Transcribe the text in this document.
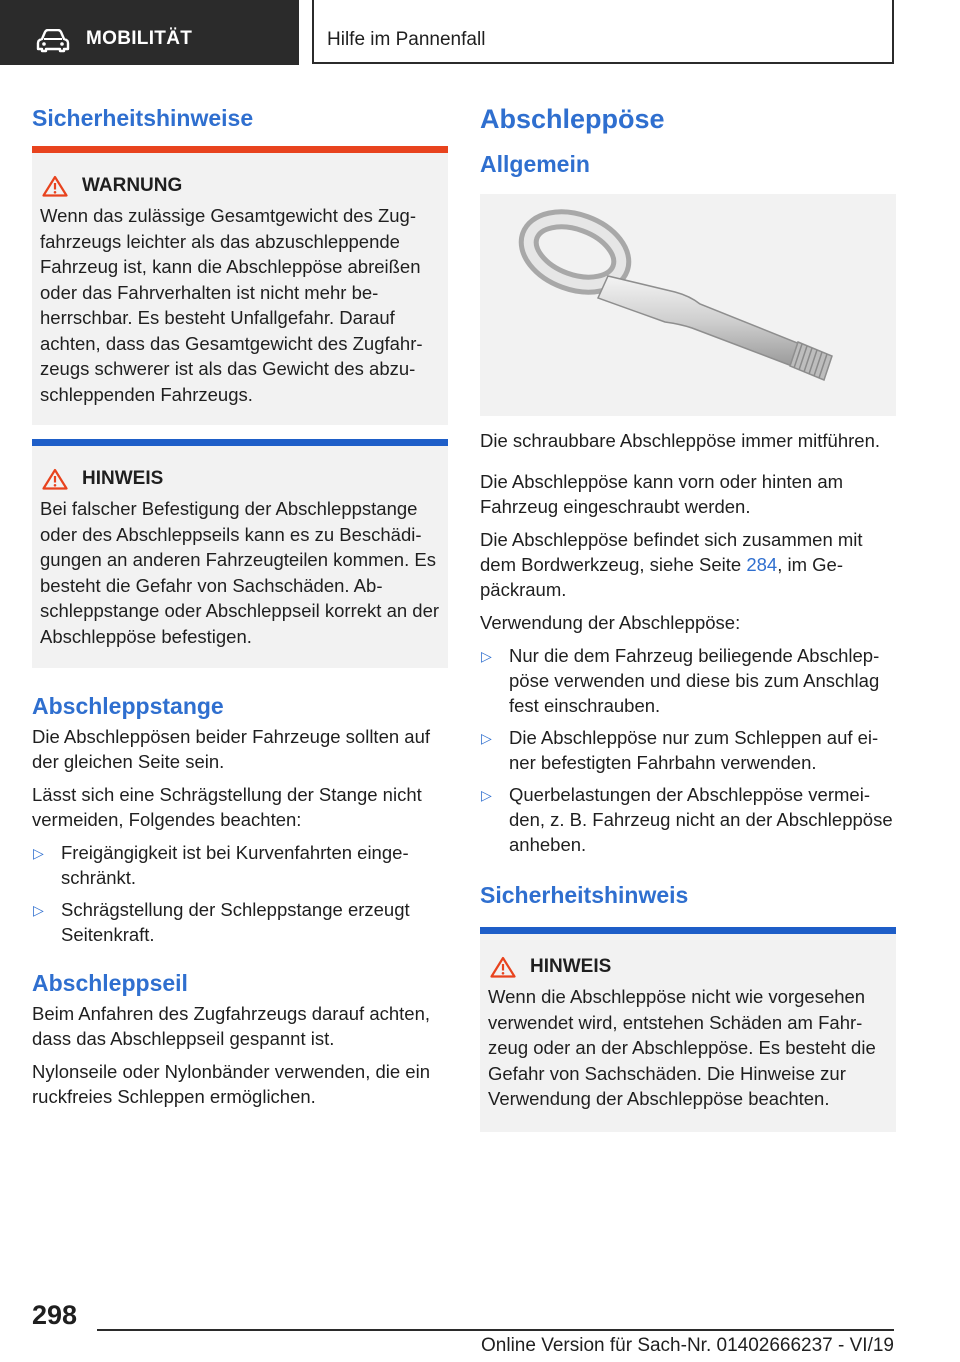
MOBILITÄT	Hilfe im Pannenfall
Sicherheitshinweise
WARNUNG

Wenn das zulässige Gesamtgewicht des Zugfahrzeugs leichter als das abzuschleppende Fahrzeug ist, kann die Abschleppöse abreißen oder das Fahrverhalten ist nicht mehr beherrschbar. Es besteht Unfallgefahr. Darauf achten, dass das Gesamtgewicht des Zugfahrzeugs schwerer ist als das Gewicht des abzuschleppenden Fahrzeugs.

HINWEIS

Bei falscher Befestigung der Abschleppstange oder des Abschleppseils kann es zu Beschädigungen an anderen Fahrzeugteilen kommen. Es besteht die Gefahr von Sachschäden. Abschleppstange oder Abschleppseil korrekt an der Abschleppöse befestigen.

Abschleppstange

Die Abschleppösen beider Fahrzeuge sollten auf der gleichen Seite sein.

Lässt sich eine Schrägstellung der Stange nicht vermeiden, Folgendes beachten:

▷ Freigängigkeit ist bei Kurvenfahrten eingeschränkt.
▷ Schrägstellung der Schleppstange erzeugt Seitenkraft.
Abschleppseil

Beim Anfahren des Zugfahrzeugs darauf achten, dass das Abschleppseil gespannt ist.

Nylonseile oder Nylonbänder verwenden, die ein ruckfreies Schleppen ermöglichen.

Abschleppöse
Allgemein

Die schraubbare Abschleppöse immer mitführen.

Die Abschleppöse kann vorn oder hinten am Fahrzeug eingeschraubt werden.

Die Abschleppöse befindet sich zusammen mit dem Bordwerkzeug, siehe Seite 284, im Gepäckraum.

Verwendung der Abschleppöse:

▷ Nur die dem Fahrzeug beiliegende Abschleppöse verwenden und diese bis zum Anschlag fest einschrauben.
▷ Die Abschleppöse nur zum Schleppen auf einer befestigten Fahrbahn verwenden.
▷ Querbelastungen der Abschleppöse vermeiden, z. B. Fahrzeug nicht an der Abschleppöse anheben.
Sicherheitshinweis
HINWEIS

Wenn die Abschleppöse nicht wie vorgesehen verwendet wird, entstehen Schäden am Fahrzeug oder an der Abschleppöse. Es besteht die Gefahr von Sachschäden. Die Hinweise zur Verwendung der Abschleppöse beachten.

298
Online Version für Sach-Nr. 01402666237 - VI/19
